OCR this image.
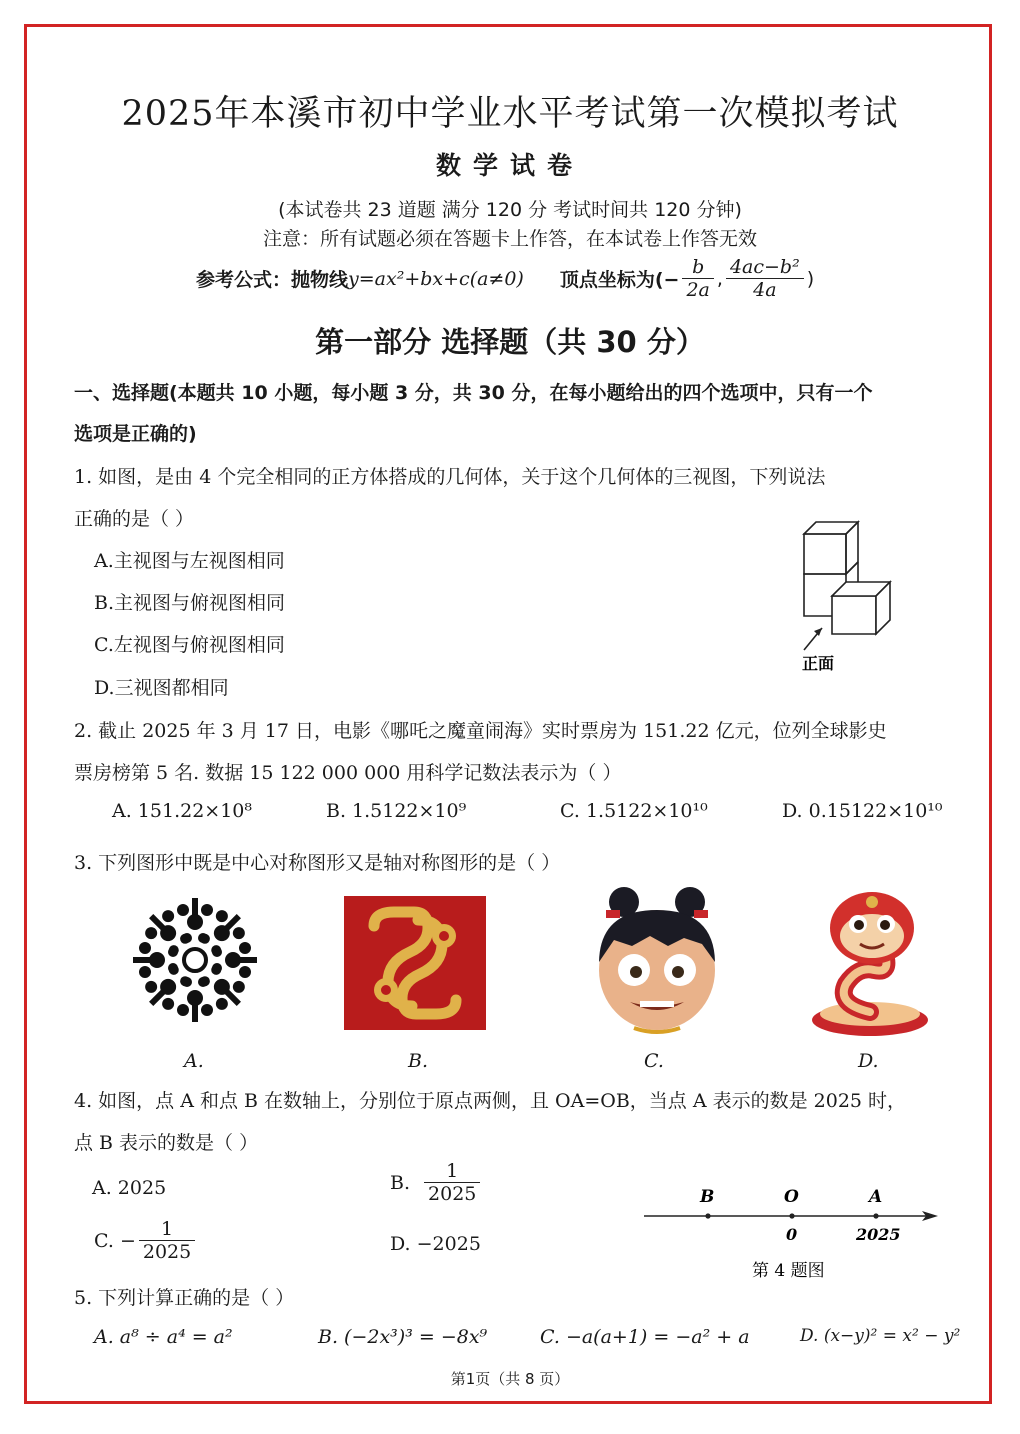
2025年本溪市初中学业水平考试第一次模拟考试
数学试卷
(本试卷共 23 道题 满分 120 分 考试时间共 120 分钟)
注意：所有试题必须在答题卡上作答，在本试卷上作答无效
参考公式：抛物线 y=ax²+bx+c(a≠0) 顶点坐标为(− $\frac{b}{2a}$ , $\frac{\text{4ac−b²}}{4a}$ )
第一部分 选择题（共 30 分）
一、选择题(本题共 10 小题，每小题 3 分，共 30 分，在每小题给出的四个选项中，只有一个
选项是正确的)
1. 如图，是由 4 个完全相同的正方体搭成的几何体，关于这个几何体的三视图，下列说法
正确的是（ ）
A.主视图与左视图相同
B.主视图与俯视图相同
C.左视图与俯视图相同
D.三视图都相同
正面
2. 截止 2025 年 3 月 17 日，电影《哪吒之魔童闹海》实时票房为 151.22 亿元，位列全球影史
票房榜第 5 名. 数据 15 122 000 000 用科学记数法表示为（ ）
A. 151.22×10⁸	B. 1.5122×10⁹	C. 1.5122×10¹⁰	D. 0.15122×10¹⁰
3. 下列图形中既是中心对称图形又是轴对称图形的是（ ）
A.	B.	C.	D.
4. 如图，点 A 和点 B 在数轴上，分别位于原点两侧，且 OA=OB，当点 A 表示的数是 2025 时，
点 B 表示的数是（ ）
A. 2025	B. $\frac{1}{2025}$
C. − $\frac{1}{2025}$	D. −2025
B	O	A
0	2025
第 4 题图
5. 下列计算正确的是（ ）
A. a⁸ ÷ a⁴ = a²	B. (−2x³)³ = −8x⁹	C. −a(a+1) = −a² + a	D. (x−y)² = x² − y²
第1页（共 8 页）
